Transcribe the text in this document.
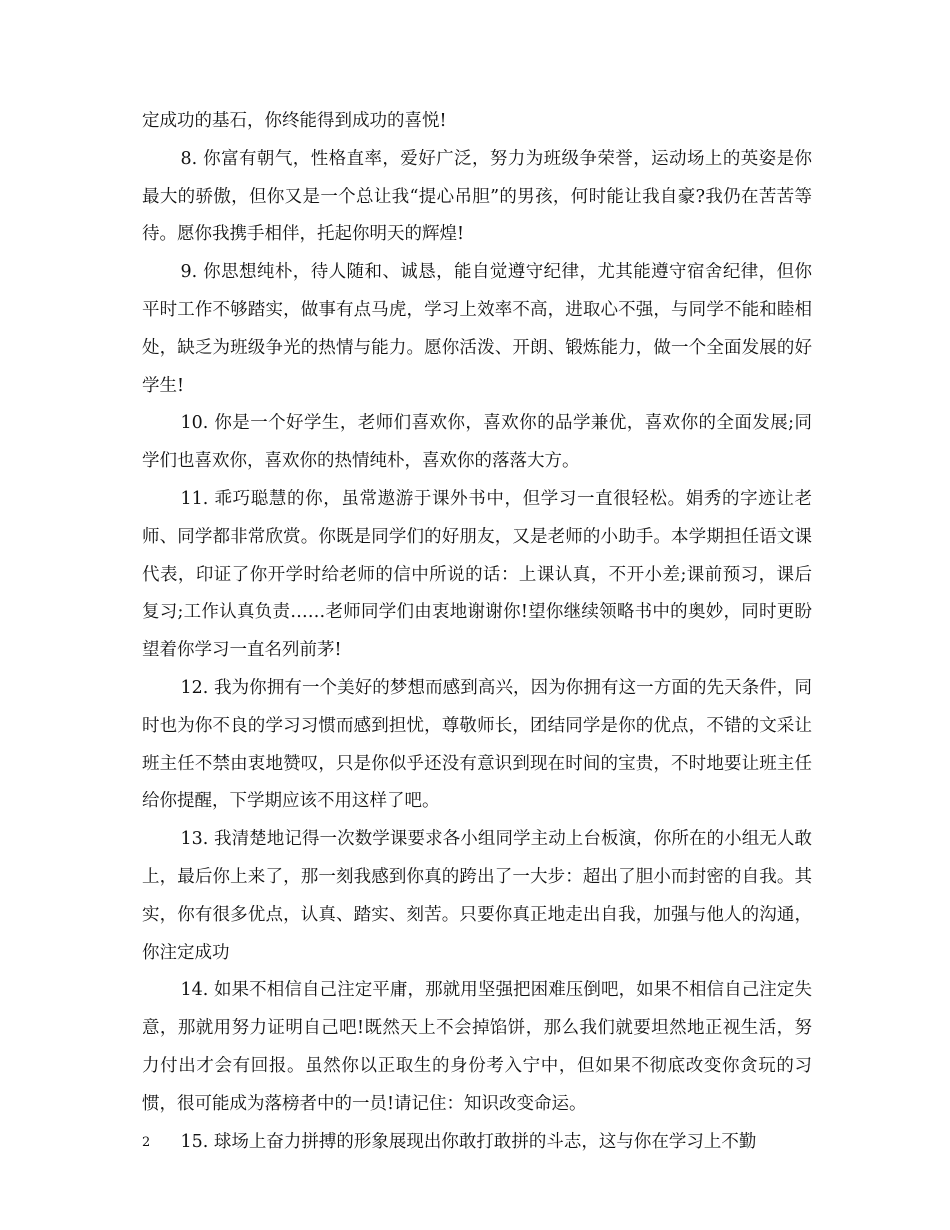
定成功的基石，你终能得到成功的喜悦!

8. 你富有朝气，性格直率，爱好广泛，努力为班级争荣誉，运动场上的英姿是你最大的骄傲，但你又是一个总让我“提心吊胆”的男孩，何时能让我自豪?我仍在苦苦等待。愿你我携手相伴，托起你明天的辉煌!

9. 你思想纯朴，待人随和、诚恳，能自觉遵守纪律，尤其能遵守宿舍纪律，但你平时工作不够踏实，做事有点马虎，学习上效率不高，进取心不强，与同学不能和睦相处，缺乏为班级争光的热情与能力。愿你活泼、开朗、锻炼能力，做一个全面发展的好学生!

10. 你是一个好学生，老师们喜欢你，喜欢你的品学兼优，喜欢你的全面发展;同学们也喜欢你，喜欢你的热情纯朴，喜欢你的落落大方。

11. 乖巧聪慧的你，虽常遨游于课外书中，但学习一直很轻松。娟秀的字迹让老师、同学都非常欣赏。你既是同学们的好朋友，又是老师的小助手。本学期担任语文课代表，印证了你开学时给老师的信中所说的话：上课认真，不开小差;课前预习，课后复习;工作认真负责……老师同学们由衷地谢谢你!望你继续领略书中的奥妙，同时更盼望着你学习一直名列前茅!

12. 我为你拥有一个美好的梦想而感到高兴，因为你拥有这一方面的先天条件，同时也为你不良的学习习惯而感到担忧，尊敬师长，团结同学是你的优点，不错的文采让班主任不禁由衷地赞叹，只是你似乎还没有意识到现在时间的宝贵，不时地要让班主任给你提醒，下学期应该不用这样了吧。

13. 我清楚地记得一次数学课要求各小组同学主动上台板演，你所在的小组无人敢上，最后你上来了，那一刻我感到你真的跨出了一大步：超出了胆小而封密的自我。其实，你有很多优点，认真、踏实、刻苦。只要你真正地走出自我，加强与他人的沟通，你注定成功

14. 如果不相信自己注定平庸，那就用坚强把困难压倒吧，如果不相信自己注定失意，那就用努力证明自己吧!既然天上不会掉馅饼，那么我们就要坦然地正视生活，努力付出才会有回报。虽然你以正取生的身份考入宁中，但如果不彻底改变你贪玩的习惯，很可能成为落榜者中的一员!请记住：知识改变命运。

15. 球场上奋力拼搏的形象展现出你敢打敢拼的斗志，这与你在学习上不勤

2
